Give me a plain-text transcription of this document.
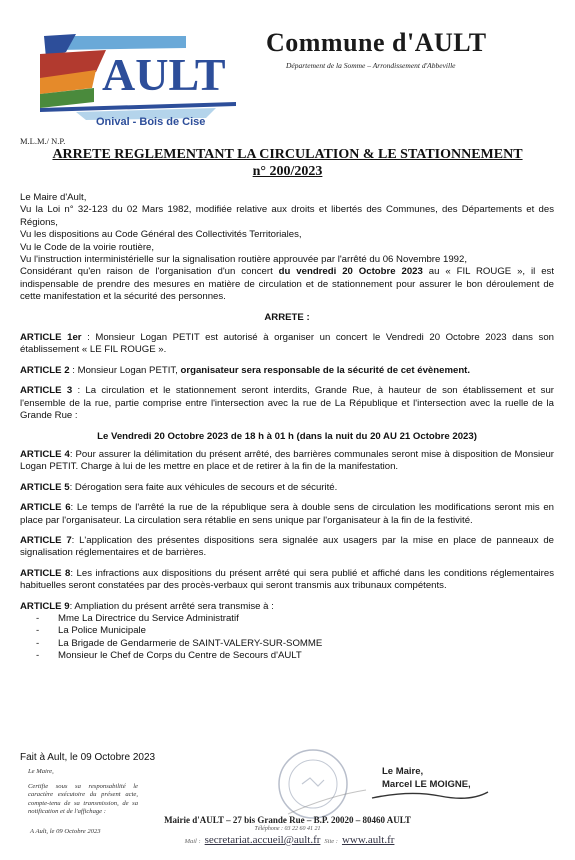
AULT
Onival - Bois de Cise
Commune d'AULT
Département de la Somme – Arrondissement d'Abbeville
M.L.M./ N.P.
ARRETE REGLEMENTANT LA CIRCULATION & LE STATIONNEMENT
n° 200/2023

Le Maire d'Ault,

Vu la Loi n° 32-123 du 02 Mars 1982, modifiée relative aux droits et libertés des Communes, des Départements et des Régions,

Vu les dispositions au Code Général des Collectivités Territoriales,

Vu le Code de la voirie routière,

Vu l'instruction interministérielle sur la signalisation routière approuvée par l'arrêté du 06 Novembre 1992,

Considérant qu'en raison de l'organisation d'un concert du vendredi 20 Octobre 2023 au « FIL ROUGE », il est indispensable de prendre des mesures en matière de circulation et de stationnement pour assurer le bon déroulement de cette manifestation et la sécurité des personnes.

ARRETE :

ARTICLE 1er : Monsieur Logan PETIT est autorisé à organiser un concert le Vendredi 20 Octobre 2023 dans son établissement « LE FIL ROUGE ».

ARTICLE 2 : Monsieur Logan PETIT, organisateur sera responsable de la sécurité de cet évènement.

ARTICLE 3 : La circulation et le stationnement seront interdits, Grande Rue, à hauteur de son établissement et sur l'ensemble de la rue, partie comprise entre l'intersection avec la rue de La République et l'intersection avec la ruelle de la Grande Rue :

Le Vendredi 20 Octobre 2023 de 18 h à 01 h (dans la nuit du 20 AU 21 Octobre 2023)

ARTICLE 4: Pour assurer la délimitation du présent arrêté, des barrières communales seront mise à disposition de Monsieur Logan PETIT. Charge à lui de les mettre en place et de retirer à la fin de la manifestation.

ARTICLE 5: Dérogation sera faite aux véhicules de secours et de sécurité.

ARTICLE 6: Le temps de l'arrêté la rue de la république sera à double sens de circulation les modifications seront mis en place par l'organisateur. La circulation sera rétablie en sens unique par l'organisateur à la fin de la festivité.

ARTICLE 7: L'application des présentes dispositions sera signalée aux usagers par la mise en place de panneaux de signalisation réglementaires et de barrières.

ARTICLE 8: Les infractions aux dispositions du présent arrêté qui sera publié et affiché dans les conditions réglementaires habituelles seront constatées par des procès-verbaux qui seront transmis aux tribunaux compétents.

ARTICLE 9: Ampliation du présent arrêté sera transmise à :

- Mme La Directrice du Service Administratif
- La Police Municipale
- La Brigade de Gendarmerie de SAINT-VALERY-SUR-SOMME
- Monsieur le Chef de Corps du Centre de Secours d'AULT
Fait à Ault, le 09 Octobre 2023

Le Maire,

Certifie sous sa responsabilité le caractère exécutoire du présent acte, compte-tenu de sa transmission, de sa notification et de l'affichage :

A Ault, le 09 Octobre 2023
Le Maire,
Marcel LE MOIGNE,
Mairie d'AULT – 27 bis Grande Rue – B.P. 20020 – 80460 AULT
Téléphone : 03 22 60 41 21
Mail : secretariat.accueil@ault.fr Site : www.ault.fr
